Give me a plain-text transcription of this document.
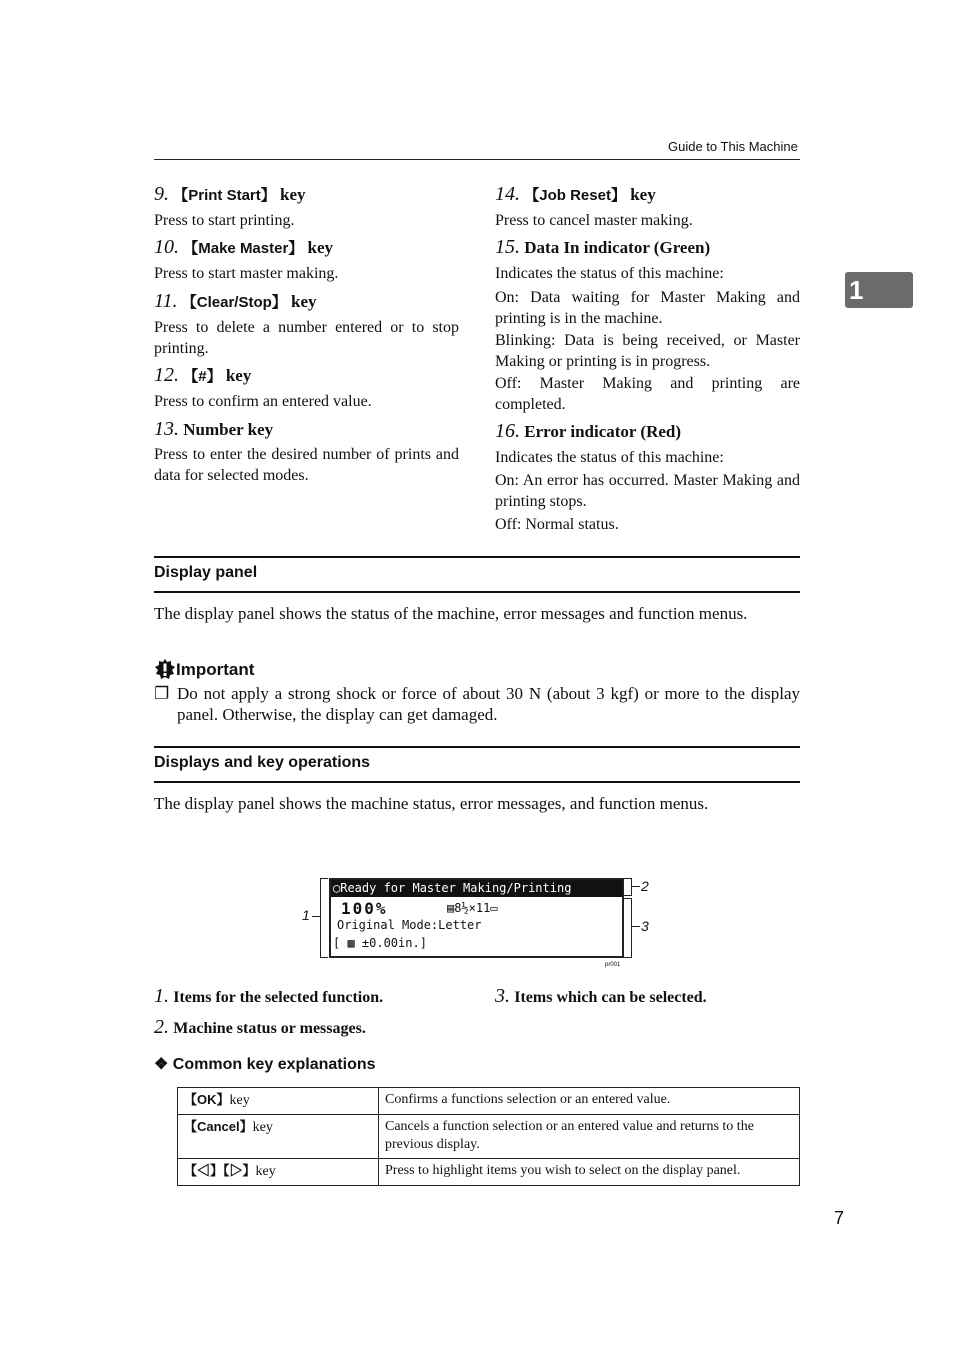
Guide to This Machine
1
9. 【Print Start】 key
Press to start printing.
10. 【Make Master】 key
Press to start master making.
11. 【Clear/Stop】 key
Press to delete a number entered or to stop printing.
12. 【#】 key
Press to confirm an entered value.
13. Number key
Press to enter the desired number of prints and data for selected modes.
14. 【Job Reset】 key
Press to cancel master making.
15. Data In indicator (Green)
Indicates the status of this machine:
On: Data waiting for Master Making and printing is in the machine.
Blinking: Data is being received, or Master Making or printing is in progress.
Off: Master Making and printing are completed.
16. Error indicator (Red)
Indicates the status of this machine:
On: An error has occurred. Master Making and printing stops.
Off: Normal status.
Display panel
The display panel shows the status of the machine, error messages and function menus.
Important
❐ Do not apply a strong shock or force of about 30 N (about 3 kgf) or more to the display panel. Otherwise, the display can get damaged.
Displays and key operations
The display panel shows the machine status, error messages, and function menus.
1
2
3
◯Ready for Master Making/Printing
100%	▤8½×11▭
Original Mode:Letter
[ ▩ ±0.00in.]
pr001
1. Items for the selected function.
2. Machine status or messages.
3. Items which can be selected.
❖ Common key explanations
【OK】key	Confirms a functions selection or an entered value.
【Cancel】key	Cancels a function selection or an entered value and returns to the previous display.
【◁】【▷】key	Press to highlight items you wish to select on the display panel.
7
